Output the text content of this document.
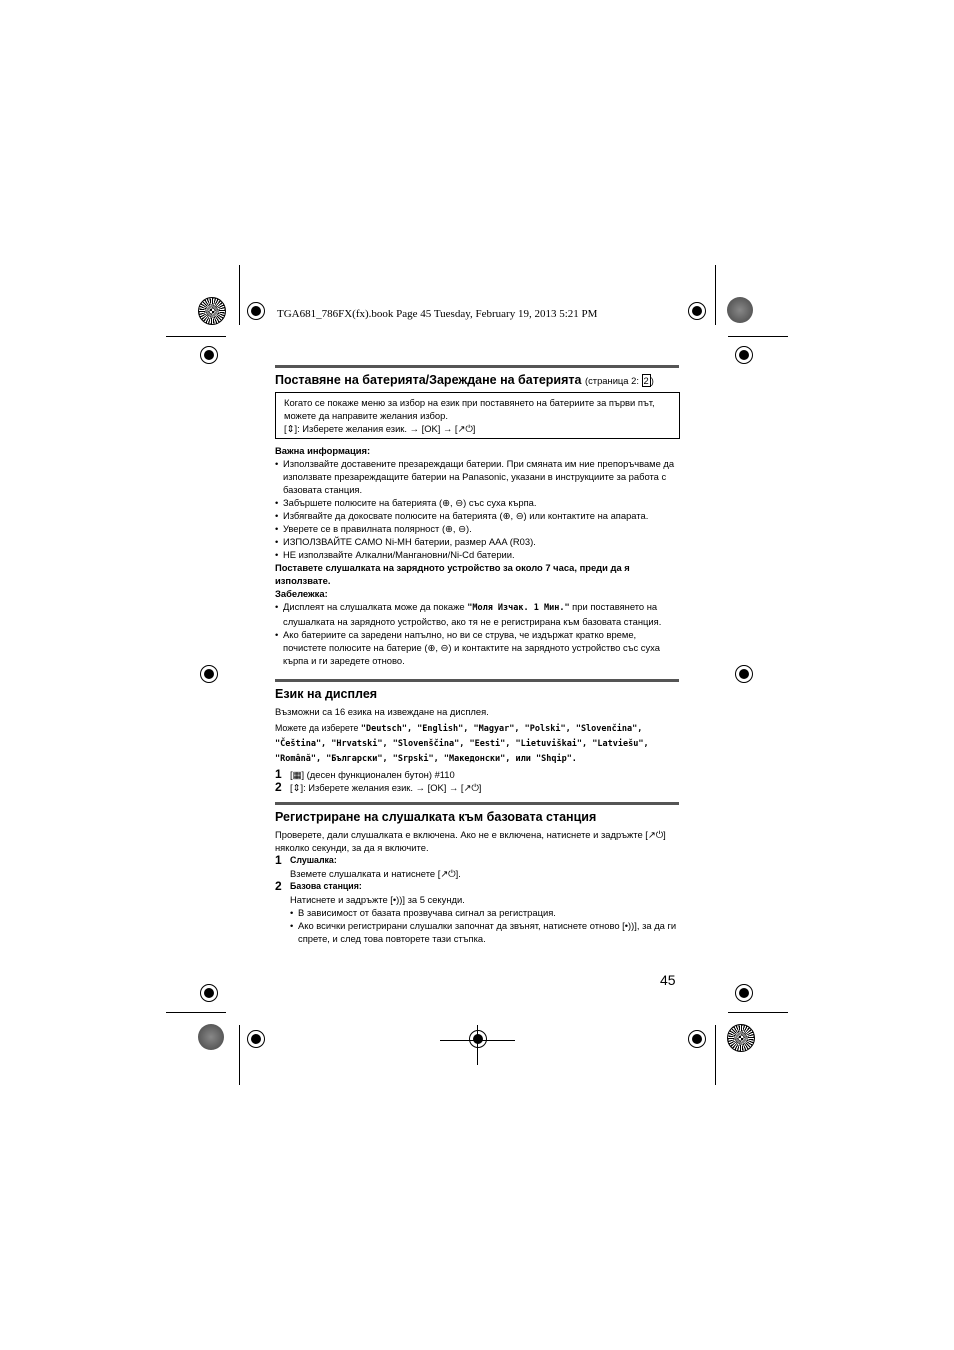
TGA681_786FX(fx).book Page 45 Tuesday, February 19, 2013 5:21 PM
Поставяне на батерията/Зареждане на батерията (страница 2: 2 )
Когато се покаже меню за избор на език при поставянето на батериите за първи път, можете да направите желания избор.
[⇕]: Изберете желания език. → [OK] → [↗⏻]
Важна информация:
• Използвайте доставените презареждащи батерии. При смяната им ние препоръчваме да използвате презареждащите батерии на Panasonic, указани в инструкциите за работа с базовата станция.
• Забършете полюсите на батерията (⊕, ⊖) със суха кърпа.
• Избягвайте да докосвате полюсите на батерията (⊕, ⊖) или контактите на апарата.
• Уверете се в правилната полярност (⊕, ⊖).
• ИЗПОЛЗВАЙТЕ САМО Ni-MH батерии, размер AAA (R03).
• НЕ използвайте Алкални/Мангановни/Ni-Cd батерии.
Поставете слушалката на зарядното устройство за около 7 часа, преди да я използвате.
Забележка:
• Дисплеят на слушалката може да покаже "Моля Изчак. 1 Мин." при поставянето на слушалката на зарядното устройство, ако тя не е регистрирана към базовата станция.
• Ако батериите са заредени напълно, но ви се струва, че издържат кратко време, почистете полюсите на батерие (⊕, ⊖) и контактите на зарядното устройство със суха кърпа и ги заредете отново.
Език на дисплея
Възможни са 16 езика на извеждане на дисплея.
Можете да изберете "Deutsch", "English", "Magyar", "Polski", "Slovenčina", "Čeština", "Hrvatski", "Slovenščina", "Eesti", "Lietuviškai", "Latviešu", "Română", "Български", "Srpski", "Македонски", или "Shqip".
1 [▦] (десен функционален бутон) #110
2 [⇕]: Изберете желания език. → [OK] → [↗⏻]
Регистриране на слушалката към базовата станция
Проверете, дали слушалката е включена. Ако не е включена, натиснете и задръжте [↗⏻] няколко секунди, за да я включите.
1 Слушалка:
Вземете слушалката и натиснете [↗⏻].
2 Базова станция:
Натиснете и задръжте [•))] за 5 секунди.
• В зависимост от базата прозвучава сигнал за регистрация.
• Ако всички регистрирани слушалки започнат да звънят, натиснете отново [•))], за да ги спрете, и след това повторете тази стъпка.
45
